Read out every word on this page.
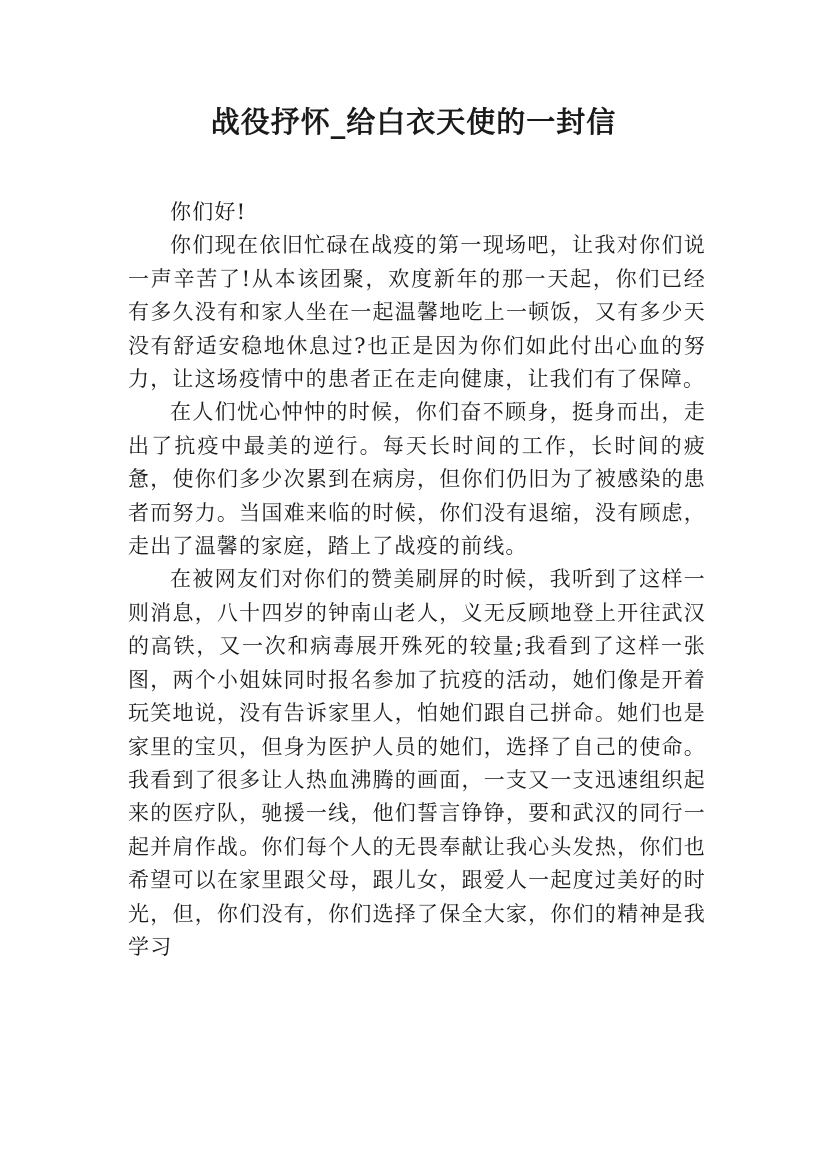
战役抒怀_给白衣天使的一封信

你们好!

你们现在依旧忙碌在战疫的第一现场吧，让我对你们说一声辛苦了!从本该团聚，欢度新年的那一天起，你们已经有多久没有和家人坐在一起温馨地吃上一顿饭，又有多少天没有舒适安稳地休息过?也正是因为你们如此付出心血的努力，让这场疫情中的患者正在走向健康，让我们有了保障。

在人们忧心忡忡的时候，你们奋不顾身，挺身而出，走出了抗疫中最美的逆行。每天长时间的工作，长时间的疲惫，使你们多少次累到在病房，但你们仍旧为了被感染的患者而努力。当国难来临的时候，你们没有退缩，没有顾虑，走出了温馨的家庭，踏上了战疫的前线。

在被网友们对你们的赞美刷屏的时候，我听到了这样一则消息，八十四岁的钟南山老人，义无反顾地登上开往武汉的高铁，又一次和病毒展开殊死的较量;我看到了这样一张图，两个小姐妹同时报名参加了抗疫的活动，她们像是开着玩笑地说，没有告诉家里人，怕她们跟自己拼命。她们也是家里的宝贝，但身为医护人员的她们，选择了自己的使命。我看到了很多让人热血沸腾的画面，一支又一支迅速组织起来的医疗队，驰援一线，他们誓言铮铮，要和武汉的同行一起并肩作战。你们每个人的无畏奉献让我心头发热，你们也希望可以在家里跟父母，跟儿女，跟爱人一起度过美好的时光，但，你们没有，你们选择了保全大家，你们的精神是我学习
